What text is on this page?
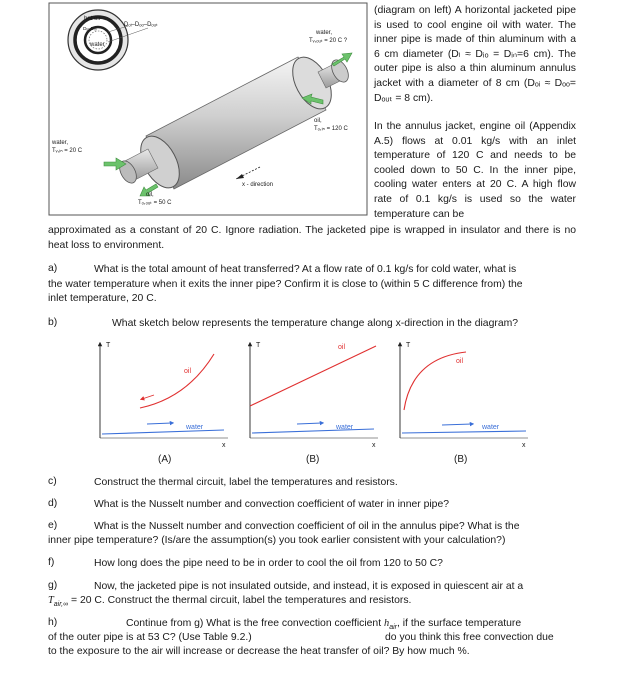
hot oil
Dᵢᵢ–Dᵢₒ
water
Dₒᵢ–Dₒₒ–Dₒᵤₜ
water,
Tᵥ,ₒᵤₜ = 20 C ?
oil,
Tₒ,ᵢₙ = 120 C
water,
Tᵥ,ᵢₙ = 20 C
oil,
Tₒ,ₒᵤₜ = 50 C
x - direction
(diagram on left) A horizontal jacketed pipe is used to cool engine oil with water. The inner pipe is made of thin aluminum with a 6 cm diameter (Dₗ ≈ Dᵢₒ = Dᵢₙ=6 cm). The outer pipe is also a thin aluminum annulus jacket with a diameter of 8 cm (Dₒᵢ ≈ Dₒₒ= Dₒᵤₜ = 8 cm).
In the annulus jacket, engine oil (Appendix A.5) flows at 0.01 kg/s with an inlet temperature of 120 C and needs to be cooled down to 50 C. In the inner pipe, cooling water enters at 20 C. A high flow rate of 0.1 kg/s is used so the water temperature can be
approximated as a constant of 20 C. Ignore radiation. The jacketed pipe is wrapped in insulator and there is no heat loss to environment.
a)	What is the total amount of heat transferred? At a flow rate of 0.1 kg/s for cold water, what is
the water temperature when it exits the inner pipe? Confirm it is close to (within 5 C difference from) the
inlet temperature, 20 C.
b)	What sketch below represents the temperature change along x-direction in the diagram?
T
oil
water
x
(A)
T	oil
water
x
(B)
T
oil
water
x
(B)
c)	Construct the thermal circuit, label the temperatures and resistors.
d)	What is the Nusselt number and convection coefficient of water in inner pipe?
e)	What is the Nusselt number and convection coefficient of oil in the annulus pipe? What is the
inner pipe temperature? (Is/are the assumption(s) you took earlier consistent with your calculation?)
f)	How long does the pipe need to be in order to cool the oil from 120 to 50 C?
g)	Now, the jacketed pipe is not insulated outside, and instead, it is exposed in quiescent air at a
$T_{air,\infty} = 20$ C. Construct the thermal circuit, label the temperatures and resistors.
h)	Continue from g) What is the free convection coefficient $h_{air}$, if the surface temperature
of the outer pipe is at 53 C? (Use Table 9.2.)	do you think this free convection due
to the exposure to the air will increase or decrease the heat transfer of oil? By how much %.
